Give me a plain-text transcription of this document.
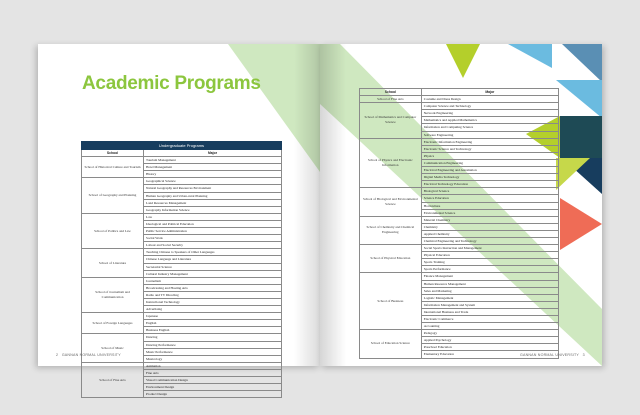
Academic Programs
Undergraduate Programs	
School	Major
School of Historical Culture and Tourism	Tourism Management
	Hotel Management
	History
School of Geography and Planning	Geographical Science
	Natural Geography and Resources Environment
	Human Geography and Urban-rural Planning
	Land Resources Management
	Geography Information Science
School of Politics and Law	Law
	Ideological and Political Education
	Public Service Administration
	Social Work
	Labour and Social Security
School of Literature	Teaching Chinese to Speakers of Other Languages
	Chinese Language and Literature
	Secretarial Science
	Cultural Industry Management
School of Journalism and Communication	Journalism
	Broadcasting and Hosting Arts
	Radio and TV Directing
	Instructional Technology
	Advertising
School of Foreign Languages	Japanese
	English
	Business English
School of Music	Dancing
	Dancing Performance
	Music Performance
	Musicology
School of Fine Arts	Animation
	Fine Arts
	Visual Communication Design
	Environment Design
	Product Design
2 GANNAN NORMAL UNIVERSITY
School	Major
School of Fine Arts	Costume and Dress Design
School of Mathematics and Computer Science	Computer Science and Technology
	Network Engineering
	Mathematics and Applied Mathematics
	Information and Computing Science
	Software Engineering
School of Physics and Electronic Information	Electronic Information Engineering
	Electronic Science and Technology
	Physics
	Communication Engineering
	Electrical Engineering and Automation
	Digital Media Technology
	Electrical Technology Education
School of Biological and Environmental Science	Biological Science
	Science Education
	Horticulture
	Environmental Science
School of Chemistry and Chemical Engineering	Material Chemistry
	Chemistry
	Applied Chemistry
	Chemical Engineering and Technology
School of Physical Education	Social Sports Instruction and Management
	Physical Education
	Sports Training
	Sports Performance
School of Business	Finance Management
	Human Resource Management
	Sales and Marketing
	Logistic Management
	Information Management and System
	International Business and Trade
	Electronic Commerce
	Accounting
School of Education Science	Pedagogy
	Applied Psychology
	Preschool Education
	Elementary Education	GANNAN NORMAL UNIVERSITY 3
